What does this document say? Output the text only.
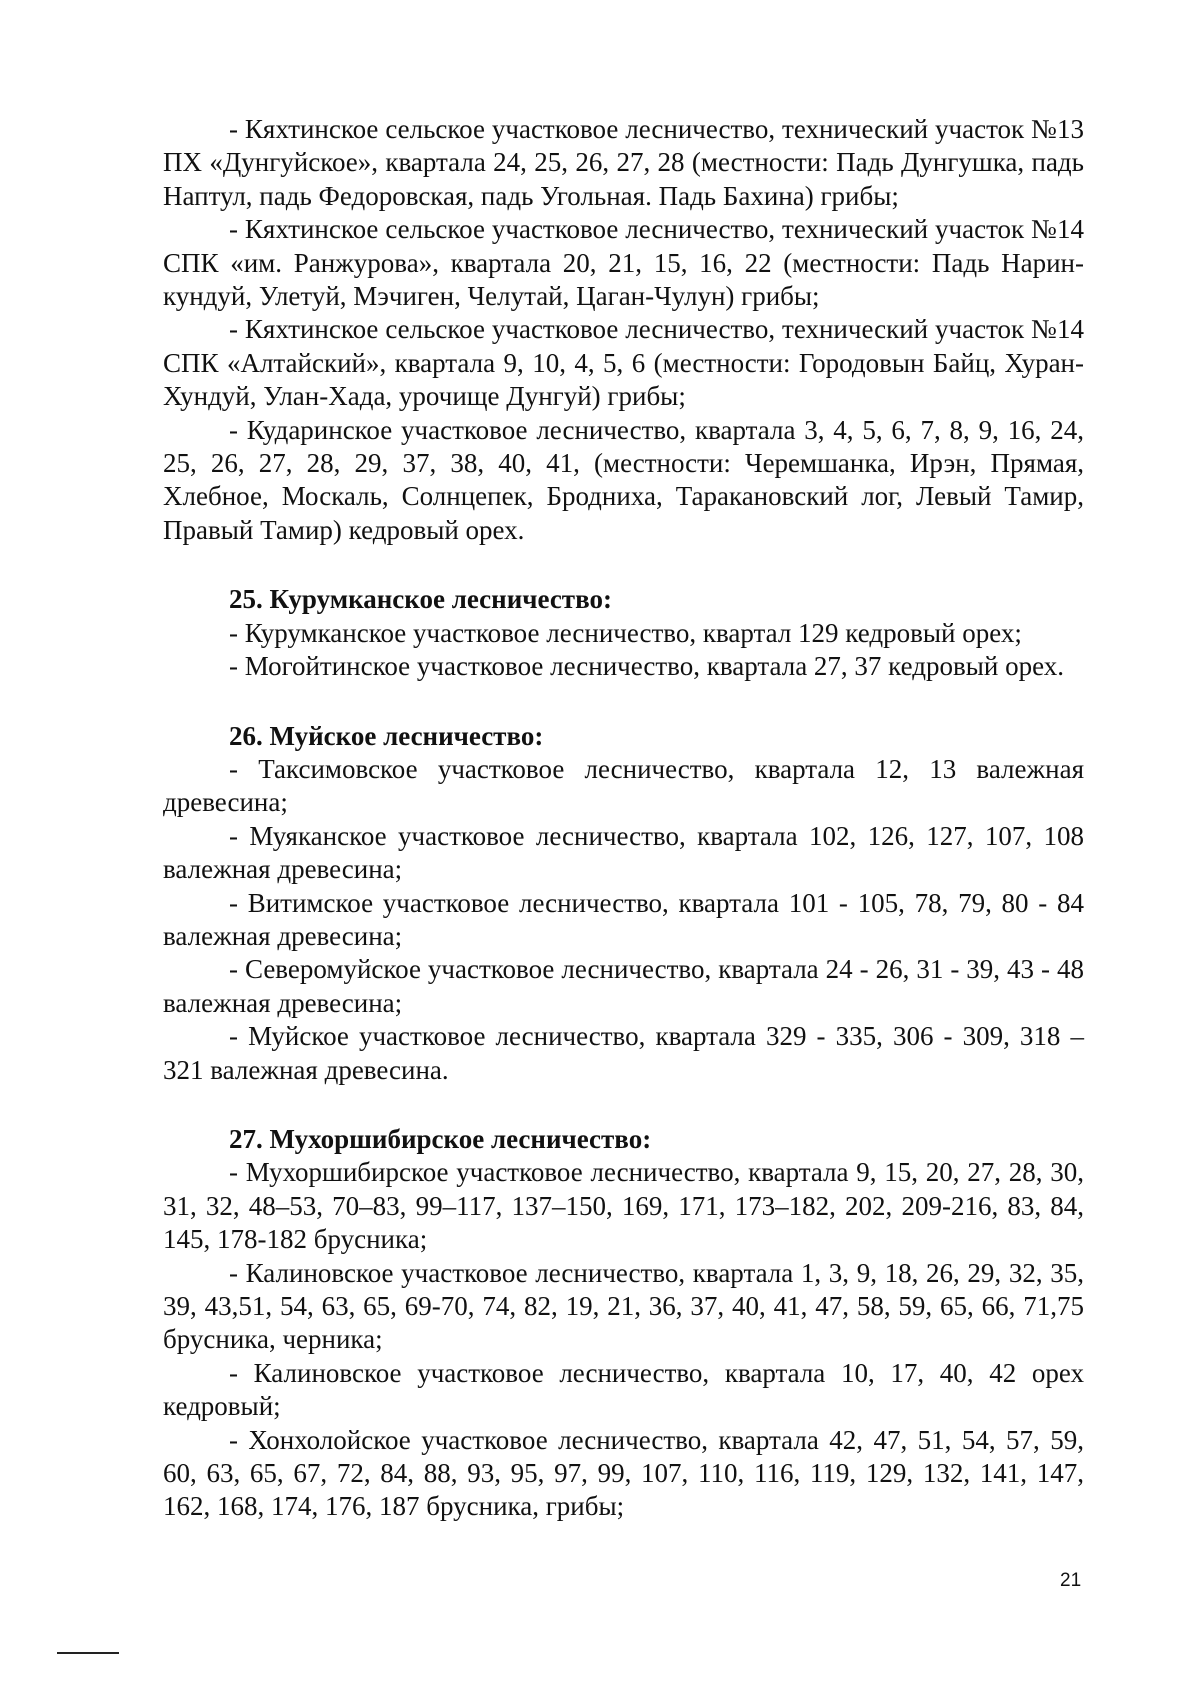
- Кяхтинское сельское участковое лесничество, технический участок №13 ПХ «Дунгуйское», квартала 24, 25, 26, 27, 28 (местности: Падь Дунгушка, падь Наптул, падь Федоровская, падь Угольная. Падь Бахина) грибы;

- Кяхтинское сельское участковое лесничество, технический участок №14 СПК «им. Ранжурова», квартала 20, 21, 15, 16, 22 (местности: Падь Нарин-кундуй, Улетуй, Мэчиген, Челутай, Цаган-Чулун) грибы;

- Кяхтинское сельское участковое лесничество, технический участок №14 СПК «Алтайский», квартала 9, 10, 4, 5, 6 (местности: Городовын Байц, Хуран-Хундуй, Улан-Хада, урочище Дунгуй) грибы;

- Кударинское участковое лесничество, квартала 3, 4, 5, 6, 7, 8, 9, 16, 24, 25, 26, 27, 28, 29, 37, 38, 40, 41, (местности: Черемшанка, Ирэн, Прямая, Хлебное, Москаль, Солнцепек, Бродниха, Таракановский лог, Левый Тамир, Правый Тамир) кедровый орех.

25. Курумканское лесничество:

- Курумканское участковое лесничество, квартал 129 кедровый орех;

- Могойтинское участковое лесничество, квартала 27, 37 кедровый орех.

26. Муйское лесничество:

- Таксимовское участковое лесничество, квартала 12, 13 валежная древесина;

- Муяканское участковое лесничество, квартала 102, 126, 127, 107, 108 валежная древесина;

- Витимское участковое лесничество, квартала 101 - 105, 78, 79, 80 - 84 валежная древесина;

- Северомуйское участковое лесничество, квартала 24 - 26, 31 - 39, 43 - 48 валежная древесина;

- Муйское участковое лесничество, квартала 329 - 335, 306 - 309, 318 – 321 валежная древесина.

27. Мухоршибирское лесничество:

- Мухоршибирское участковое лесничество, квартала 9, 15, 20, 27, 28, 30, 31, 32, 48–53, 70–83, 99–117, 137–150, 169, 171, 173–182, 202, 209-216, 83, 84, 145, 178-182 брусника;

- Калиновское участковое лесничество, квартала 1, 3, 9, 18, 26, 29, 32, 35, 39, 43,51, 54, 63, 65, 69-70, 74, 82, 19, 21, 36, 37, 40, 41, 47, 58, 59, 65, 66, 71,75 брусника, черника;

- Калиновское участковое лесничество, квартала 10, 17, 40, 42 орех кедровый;

- Хонхолойское участковое лесничество, квартала 42, 47, 51, 54, 57, 59, 60, 63, 65, 67, 72, 84, 88, 93, 95, 97, 99, 107, 110, 116, 119, 129, 132, 141, 147, 162, 168, 174, 176, 187 брусника, грибы;

21
